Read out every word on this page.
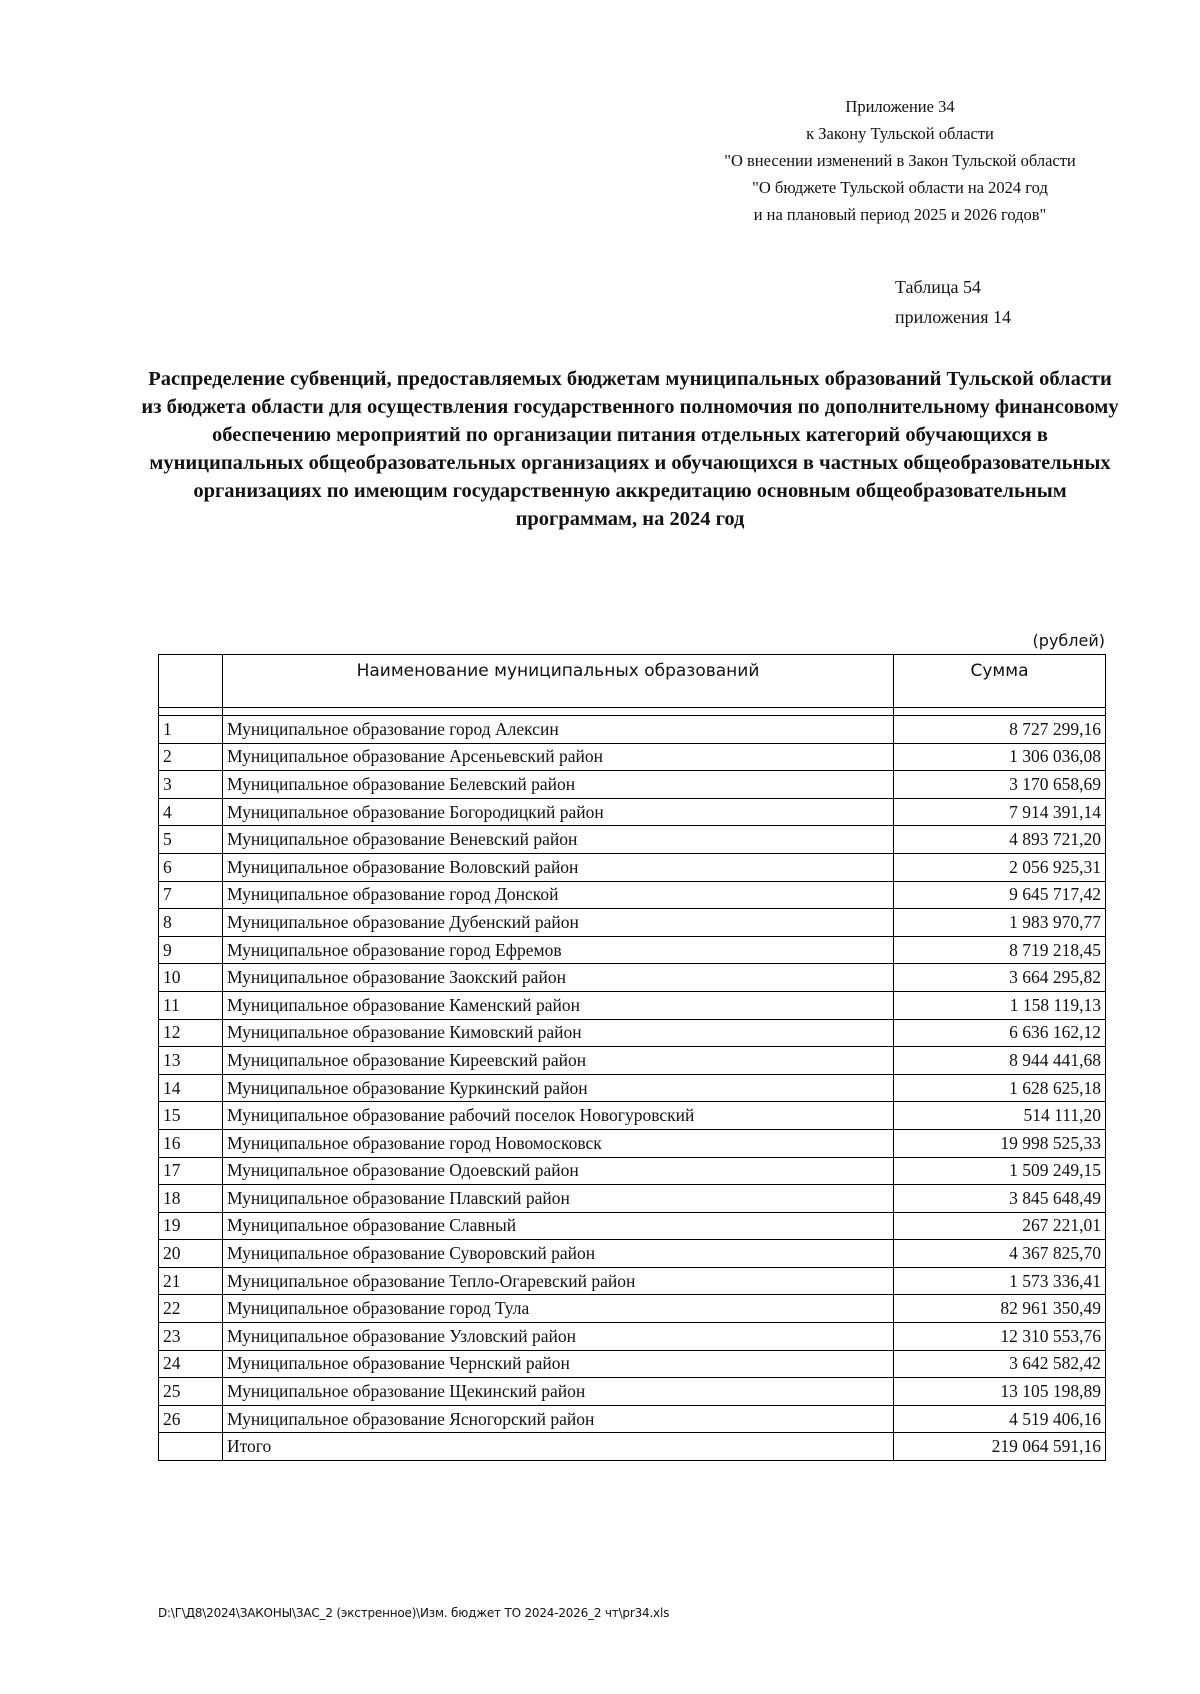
Приложение 34
к Закону Тульской области
"О внесении изменений в Закон Тульской области
"О бюджете Тульской области на 2024 год
и на плановый период 2025 и 2026 годов"
Таблица 54
приложения 14
Распределение субвенций, предоставляемых бюджетам муниципальных образований Тульской области из бюджета области для осуществления государственного полномочия по дополнительному финансовому обеспечению мероприятий по организации питания отдельных категорий обучающихся в муниципальных общеобразовательных организациях и обучающихся в частных общеобразовательных организациях по имеющим государственную аккредитацию основным общеобразовательным программам, на 2024 год
(рублей)
	Наименование муниципальных образований	Сумма

1	Муниципальное образование город Алексин	8 727 299,16
2	Муниципальное образование Арсеньевский район	1 306 036,08
3	Муниципальное образование Белевский район	3 170 658,69
4	Муниципальное образование Богородицкий район	7 914 391,14
5	Муниципальное образование Веневский район	4 893 721,20
6	Муниципальное образование Воловский район	2 056 925,31
7	Муниципальное образование город Донской	9 645 717,42
8	Муниципальное образование Дубенский район	1 983 970,77
9	Муниципальное образование город Ефремов	8 719 218,45
10	Муниципальное образование Заокский район	3 664 295,82
11	Муниципальное образование Каменский район	1 158 119,13
12	Муниципальное образование Кимовский район	6 636 162,12
13	Муниципальное образование Киреевский район	8 944 441,68
14	Муниципальное образование Куркинский район	1 628 625,18
15	Муниципальное образование рабочий поселок Новогуровский	514 111,20
16	Муниципальное образование город Новомосковск	19 998 525,33
17	Муниципальное образование Одоевский район	1 509 249,15
18	Муниципальное образование Плавский район	3 845 648,49
19	Муниципальное образование Славный	267 221,01
20	Муниципальное образование Суворовский район	4 367 825,70
21	Муниципальное образование Тепло-Огаревский район	1 573 336,41
22	Муниципальное образование город Тула	82 961 350,49
23	Муниципальное образование Узловский район	12 310 553,76
24	Муниципальное образование Чернский район	3 642 582,42
25	Муниципальное образование Щекинский район	13 105 198,89
26	Муниципальное образование Ясногорский район	4 519 406,16
	Итого	219 064 591,16
D:\Г\Д8\2024\ЗАКОНЫ\ЗАС_2 (экстренное)\Изм. бюджет ТО 2024-2026_2 чт\pr34.xls
